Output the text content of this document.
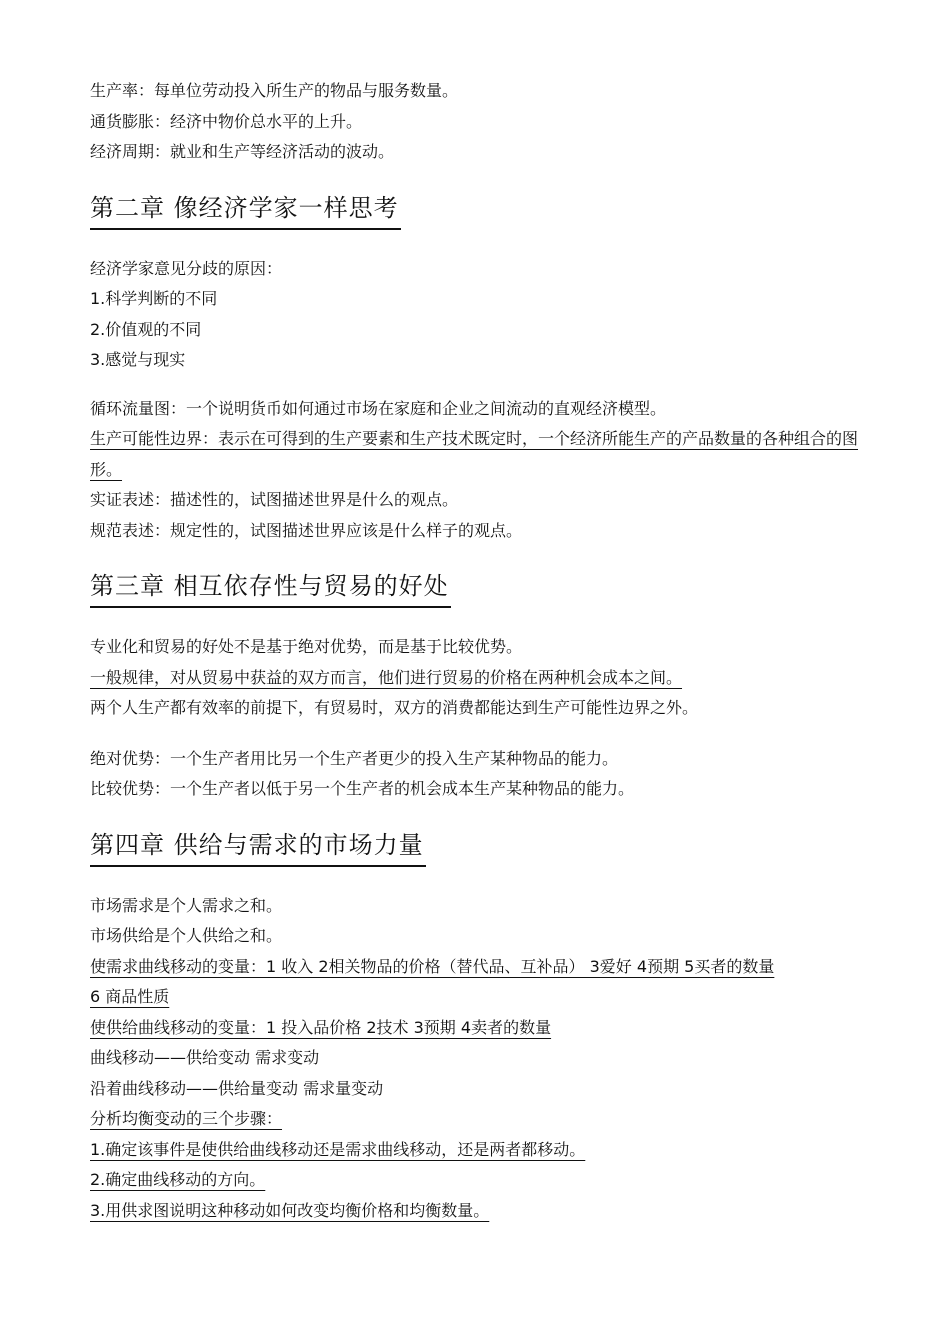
生产率：每单位劳动投入所生产的物品与服务数量。

通货膨胀：经济中物价总水平的上升。

经济周期：就业和生产等经济活动的波动。

第二章 像经济学家一样思考

经济学家意见分歧的原因：

1.科学判断的不同

2.价值观的不同

3.感觉与现实

循环流量图：一个说明货币如何通过市场在家庭和企业之间流动的直观经济模型。

生产可能性边界：表示在可得到的生产要素和生产技术既定时，一个经济所能生产的产品数量的各种组合的图形。

实证表述：描述性的，试图描述世界是什么的观点。

规范表述：规定性的，试图描述世界应该是什么样子的观点。

第三章 相互依存性与贸易的好处

专业化和贸易的好处不是基于绝对优势，而是基于比较优势。

一般规律，对从贸易中获益的双方而言，他们进行贸易的价格在两种机会成本之间。

两个人生产都有效率的前提下，有贸易时，双方的消费都能达到生产可能性边界之外。

绝对优势：一个生产者用比另一个生产者更少的投入生产某种物品的能力。

比较优势：一个生产者以低于另一个生产者的机会成本生产某种物品的能力。

第四章 供给与需求的市场力量

市场需求是个人需求之和。

市场供给是个人供给之和。

使需求曲线移动的变量：1 收入 2相关物品的价格（替代品、互补品） 3爱好 4预期 5买者的数量

6 商品性质

使供给曲线移动的变量：1 投入品价格 2技术 3预期 4卖者的数量

曲线移动——供给变动 需求变动

沿着曲线移动——供给量变动 需求量变动

分析均衡变动的三个步骤：

1.确定该事件是使供给曲线移动还是需求曲线移动，还是两者都移动。

2.确定曲线移动的方向。

3.用供求图说明这种移动如何改变均衡价格和均衡数量。
